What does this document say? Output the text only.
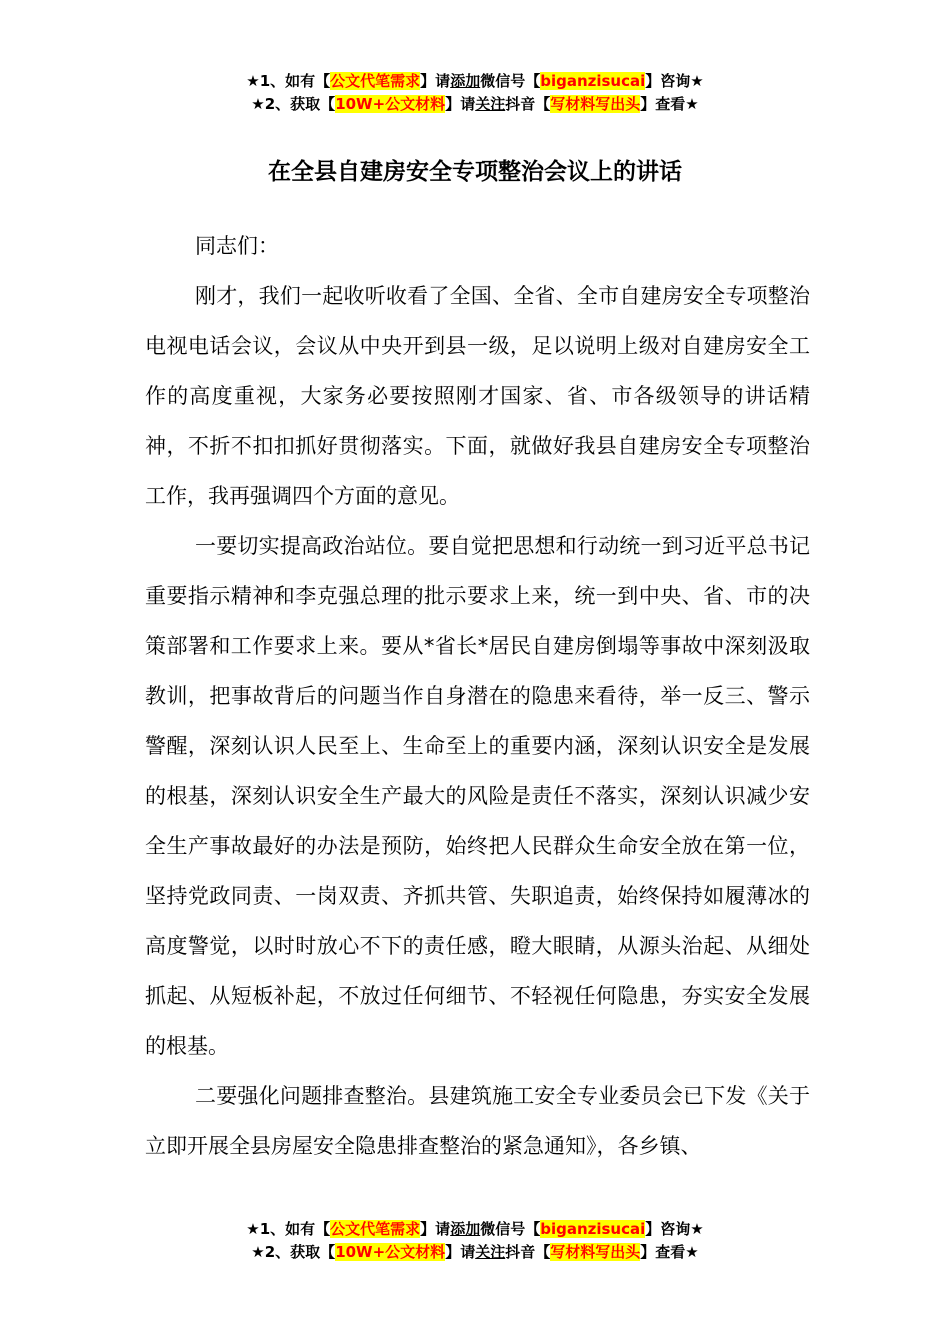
★1、如有【公文代笔需求】请添加微信号【biganzisucai】咨询★
★2、获取【10W+公文材料】请关注抖音【写材料写出头】查看★
在全县自建房安全专项整治会议上的讲话

同志们：

刚才，我们一起收听收看了全国、全省、全市自建房安全专项整治电视电话会议，会议从中央开到县一级，足以说明上级对自建房安全工作的高度重视，大家务必要按照刚才国家、省、市各级领导的讲话精神，不折不扣扣抓好贯彻落实。下面，就做好我县自建房安全专项整治工作，我再强调四个方面的意见。

一要切实提高政治站位。要自觉把思想和行动统一到习近平总书记重要指示精神和李克强总理的批示要求上来，统一到中央、省、市的决策部署和工作要求上来。要从*省长*居民自建房倒塌等事故中深刻汲取教训，把事故背后的问题当作自身潜在的隐患来看待，举一反三、警示警醒，深刻认识人民至上、生命至上的重要内涵，深刻认识安全是发展的根基，深刻认识安全生产最大的风险是责任不落实，深刻认识减少安全生产事故最好的办法是预防，始终把人民群众生命安全放在第一位，坚持党政同责、一岗双责、齐抓共管、失职追责，始终保持如履薄冰的高度警觉，以时时放心不下的责任感，瞪大眼睛，从源头治起、从细处抓起、从短板补起，不放过任何细节、不轻视任何隐患，夯实安全发展的根基。

二要强化问题排查整治。县建筑施工安全专业委员会已下发《关于立即开展全县房屋安全隐患排查整治的紧急通知》，各乡镇、

★1、如有【公文代笔需求】请添加微信号【biganzisucai】咨询★
★2、获取【10W+公文材料】请关注抖音【写材料写出头】查看★
